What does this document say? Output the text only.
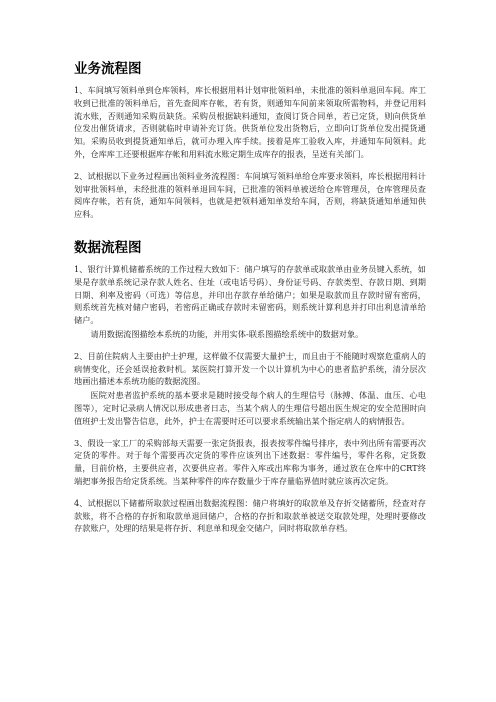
业务流程图

1、车间填写领料单到仓库领料，库长根据用料计划审批领料单，未批准的领料单退回车间。库工收到已批准的领料单后，首先查阅库存帐，若有货，则通知车间前来领取所需物料，并登记用料流水账，否则通知采购员缺货。采购员根据缺料通知，查阅订货合同单，若已定货，则向供货单位发出催货请求，否则就临时申请补充订货。供货单位发出货物后，立即向订货单位发出提货通知。采购员收到提货通知单后，就可办理入库手续。接着是库工验收入库，并通知车间领料。此外，仓库库工还要根据库存帐和用料流水账定期生成库存的报表，呈送有关部门。

2、试根据以下业务过程画出领料业务流程图：车间填写领料单给仓库要求领料，库长根据用料计划审批领料单，未经批准的领料单退回车间，已批准的领料单被送给仓库管理员，仓库管理员查阅库存帐，若有货，通知车间领料，也就是把领料通知单发给车间，否则，将缺货通知单通知供应科。

数据流程图

1、银行计算机储蓄系统的工作过程大致如下：储户填写的存款单或取款单由业务员键入系统，如果是存款单系统记录存款人姓名、住址（或电话号码）、身份证号码、存款类型、存款日期、到期日期、利率及密码（可选）等信息，并印出存款存单给储户；如果是取款而且存款时留有密码，则系统首先核对储户密码，若密码正确或存款时未留密码，则系统计算利息并打印出利息清单给储户。

请用数据流图描绘本系统的功能，并用实体-联系图描绘系统中的数据对象。

2、目前住院病人主要由护士护理，这样做不仅需要大量护士，而且由于不能随时观察危重病人的病情变化，还会延误抢救时机。某医院打算开发一个以计算机为中心的患者监护系统，清分层次地画出描述本系统功能的数据流图。

医院对患者监护系统的基本要求是随时接受每个病人的生理信号（脉搏、体温、血压、心电图等），定时记录病人情况以形成患者日志，当某个病人的生理信号超出医生规定的安全范围时向值班护士发出警告信息，此外，护士在需要时还可以要求系统输出某个指定病人的病情报告。

3、假设一家工厂的采购部每天需要一张定货报表，报表按零件编号排序，表中列出所有需要再次定货的零件。对于每个需要再次定货的零件应该列出下述数据：零件编号，零件名称，定货数量，目前价格，主要供应者，次要供应者。零件入库或出库称为事务，通过放在仓库中的CRT终端把事务报告给定货系统。当某种零件的库存数量少于库存量临界值时就应该再次定货。

4、试根据以下储蓄所取款过程画出数据流程图：储户将填好的取款单及存折交储蓄所，经查对存款账，将不合格的存折和取款单退回储户，合格的存折和取款单被送交取款处理，处理时要修改存款账户，处理的结果是将存折、利息单和现金交储户，同时将取款单存档。
